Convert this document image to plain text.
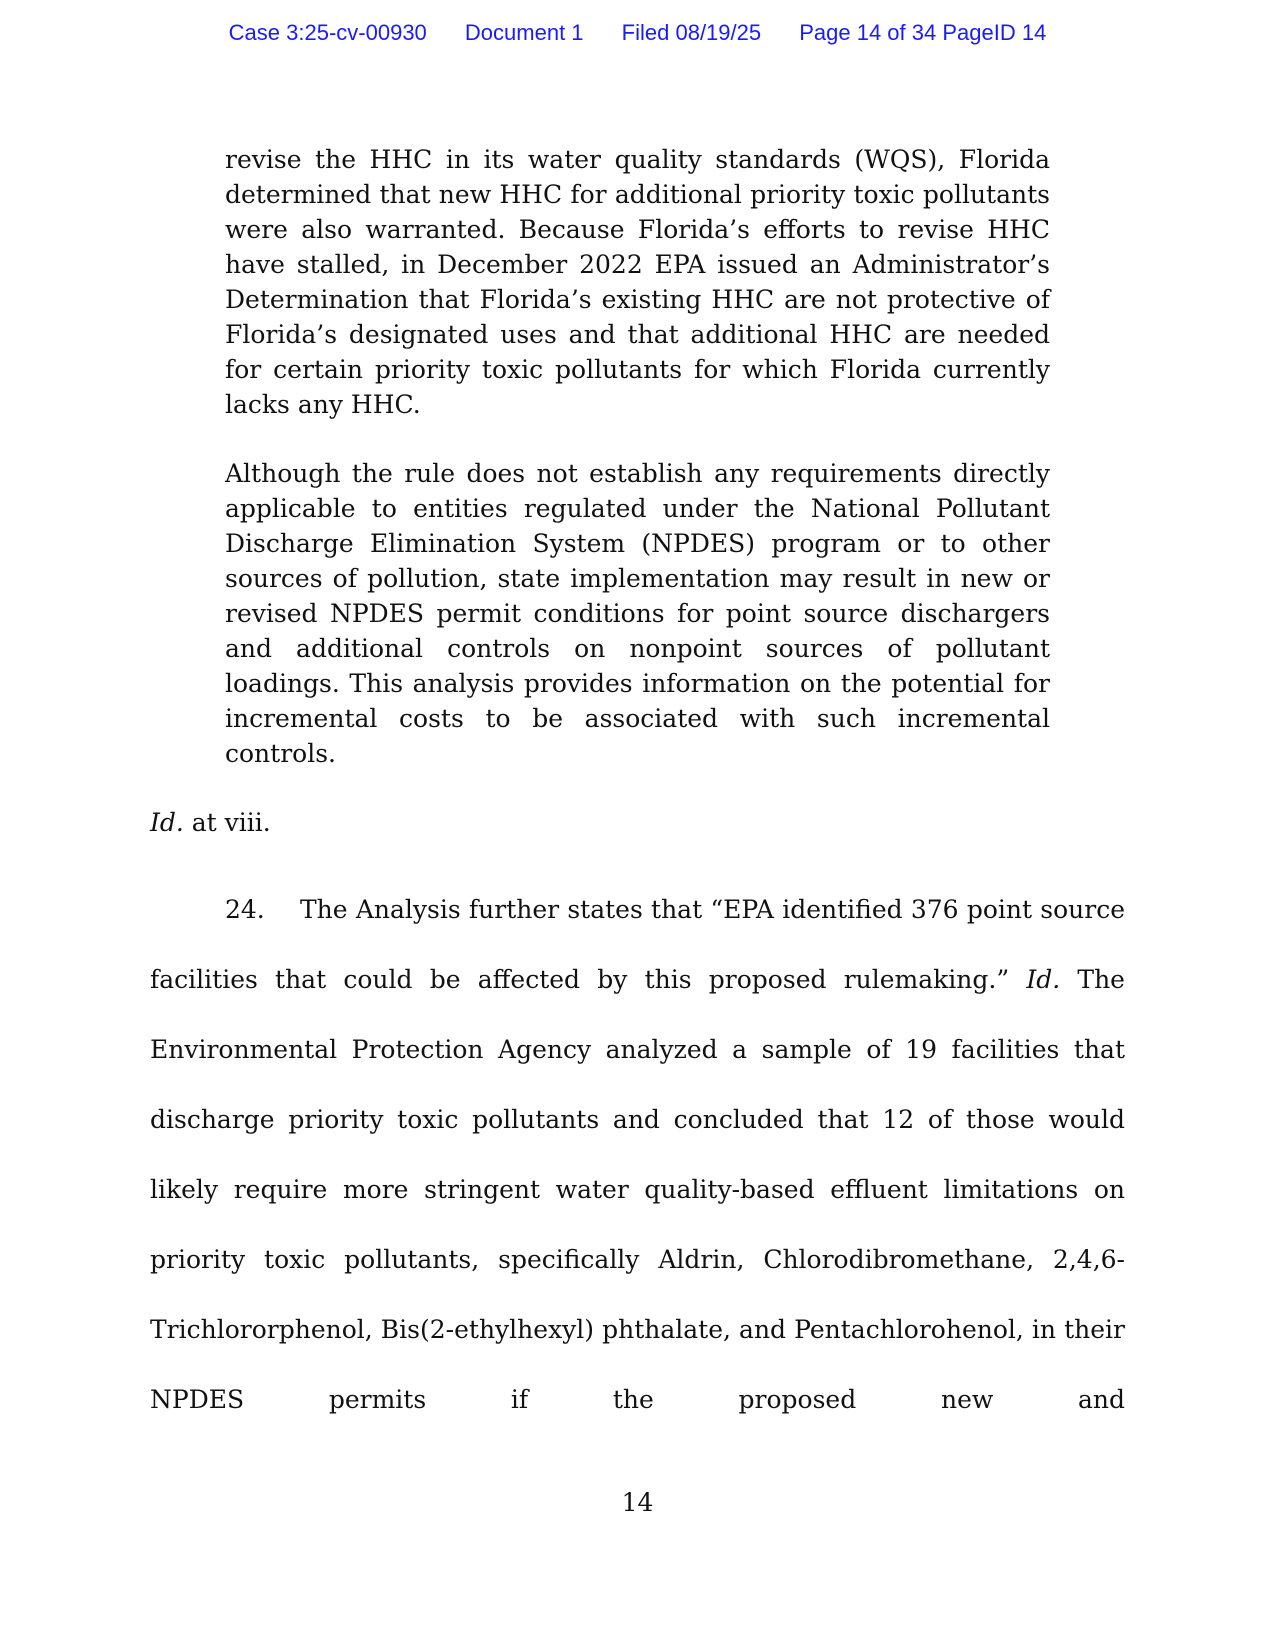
Case 3:25-cv-00930 Document 1 Filed 08/19/25 Page 14 of 34 PageID 14
revise the HHC in its water quality standards (WQS), Florida determined that new HHC for additional priority toxic pollutants were also warranted. Because Florida’s efforts to revise HHC have stalled, in December 2022 EPA issued an Administrator’s Determination that Florida’s existing HHC are not protective of Florida’s designated uses and that additional HHC are needed for certain priority toxic pollutants for which Florida currently lacks any HHC.
Although the rule does not establish any requirements directly applicable to entities regulated under the National Pollutant Discharge Elimination System (NPDES) program or to other sources of pollution, state implementation may result in new or revised NPDES permit conditions for point source dischargers and additional controls on nonpoint sources of pollutant loadings. This analysis provides information on the potential for incremental costs to be associated with such incremental controls.
Id. at viii.
24. The Analysis further states that “EPA identified 376 point source facilities that could be affected by this proposed rulemaking.” Id. The Environmental Protection Agency analyzed a sample of 19 facilities that discharge priority toxic pollutants and concluded that 12 of those would likely require more stringent water quality-based effluent limitations on priority toxic pollutants, specifically Aldrin, Chlorodibromethane, 2,4,6-Trichlororphenol, Bis(2-ethylhexyl) phthalate, and Pentachlorohenol, in their NPDES permits if the proposed new and
14
